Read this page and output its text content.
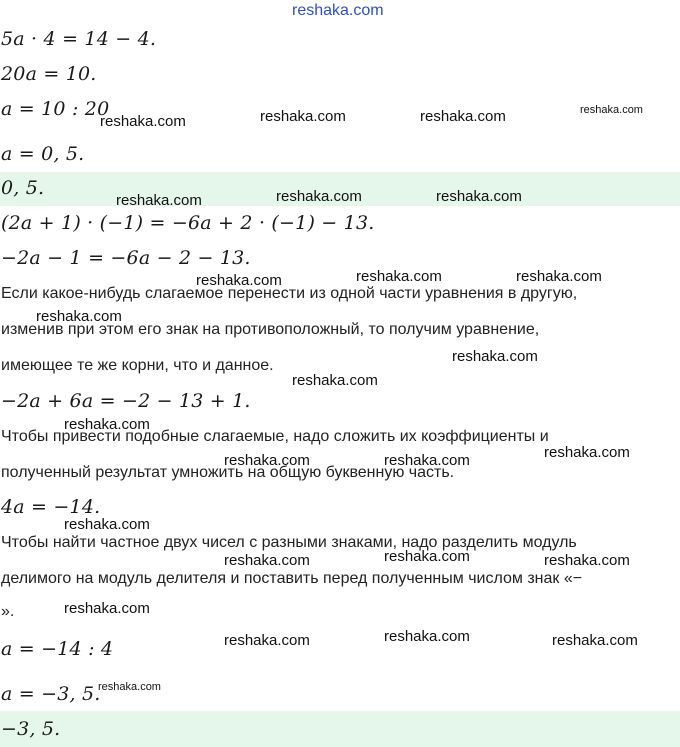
reshaka.com
5a · 4 = 14 − 4.
20a = 10.
a = 10 : 20
a = 0, 5.
0, 5.
(2a + 1) · (−1) = −6a + 2 · (−1) − 13.
−2a − 1 = −6a − 2 − 13.
Если какое-нибудь слагаемое перенести из одной части уравнения в другую,
изменив при этом его знак на противоположный, то получим уравнение,
имеющее те же корни, что и данное.
−2a + 6a = −2 − 13 + 1.
Чтобы привести подобные слагаемые, надо сложить их коэффициенты и
полученный результат умножить на общую буквенную часть.
4a = −14.
Чтобы найти частное двух чисел с разными знаками, надо разделить модуль
делимого на модуль делителя и поставить перед полученным числом знак «−
».
a = −14 : 4
a = −3, 5.
−3, 5.
reshaka.com	reshaka.com	reshaka.com	reshaka.com
reshaka.com	reshaka.com	reshaka.com
reshaka.com	reshaka.com	reshaka.com
reshaka.com
reshaka.com
reshaka.com
reshaka.com
reshaka.com
reshaka.com	reshaka.com
reshaka.com
reshaka.com	reshaka.com	reshaka.com
reshaka.com
reshaka.com	reshaka.com	reshaka.com
reshaka.com
